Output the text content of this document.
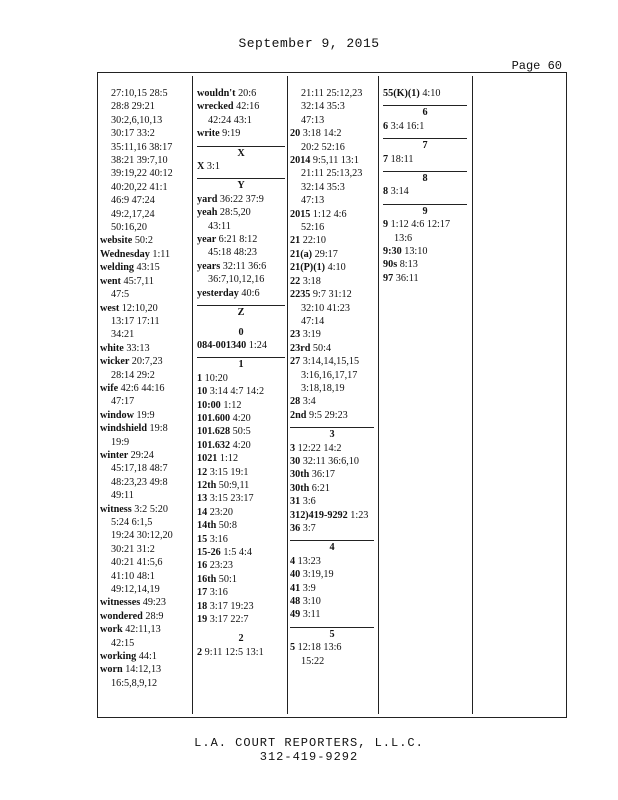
September 9, 2015
Page 60
27:10,15 28:5
28:8 29:21
30:2,6,10,13
30:17 33:2
35:11,16 38:17
38:21 39:7,10
39:19,22 40:12
40:20,22 41:1
46:9 47:24
49:2,17,24
50:16,20
website 50:2
Wednesday 1:11
welding 43:15
went 45:7,11
47:5
west 12:10,20
13:17 17:11
34:21
white 33:13
wicker 20:7,23
28:14 29:2
wife 42:6 44:16
47:17
window 19:9
windshield 19:8
19:9
winter 29:24
45:17,18 48:7
48:23,23 49:8
49:11
witness 3:2 5:20
5:24 6:1,5
19:24 30:12,20
30:21 31:2
40:21 41:5,6
41:10 48:1
49:12,14,19
witnesses 49:23
wondered 28:9
work 42:11,13
42:15
working 44:1
worn 14:12,13
16:5,8,9,12
wouldn't 20:6
wrecked 42:16
42:24 43:1
write 9:19
X
X 3:1
Y
yard 36:22 37:9
yeah 28:5,20
43:11
year 6:21 8:12
45:18 48:23
years 32:11 36:6
36:7,10,12,16
yesterday 40:6
Z
0
084-001340 1:24
1
1 10:20
10 3:14 4:7 14:2
10:00 1:12
101.600 4:20
101.628 50:5
101.632 4:20
1021 1:12
12 3:15 19:1
12th 50:9,11
13 3:15 23:17
14 23:20
14th 50:8
15 3:16
15-26 1:5 4:4
16 23:23
16th 50:1
17 3:16
18 3:17 19:23
19 3:17 22:7
2
2 9:11 12:5 13:1
21:11 25:12,23
32:14 35:3
47:13
20 3:18 14:2
20:2 52:16
2014 9:5,11 13:1
21:11 25:13,23
32:14 35:3
47:13
2015 1:12 4:6
52:16
21 22:10
21(a) 29:17
21(P)(1) 4:10
22 3:18
2235 9:7 31:12
32:10 41:23
47:14
23 3:19
23rd 50:4
27 3:14,14,15,15
3:16,16,17,17
3:18,18,19
28 3:4
2nd 9:5 29:23
3
3 12:22 14:2
30 32:11 36:6,10
30th 36:17
30th 6:21
31 3:6
312)419-9292 1:23
36 3:7
4
4 13:23
40 3:19,19
41 3:9
48 3:10
49 3:11
5
5 12:18 13:6
15:22
55(K)(1) 4:10
6
6 3:4 16:1
7
7 18:11
8
8 3:14
9
9 1:12 4:6 12:17
13:6
9:30 13:10
90s 8:13
97 36:11
L.A. COURT REPORTERS, L.L.C.
312-419-9292
